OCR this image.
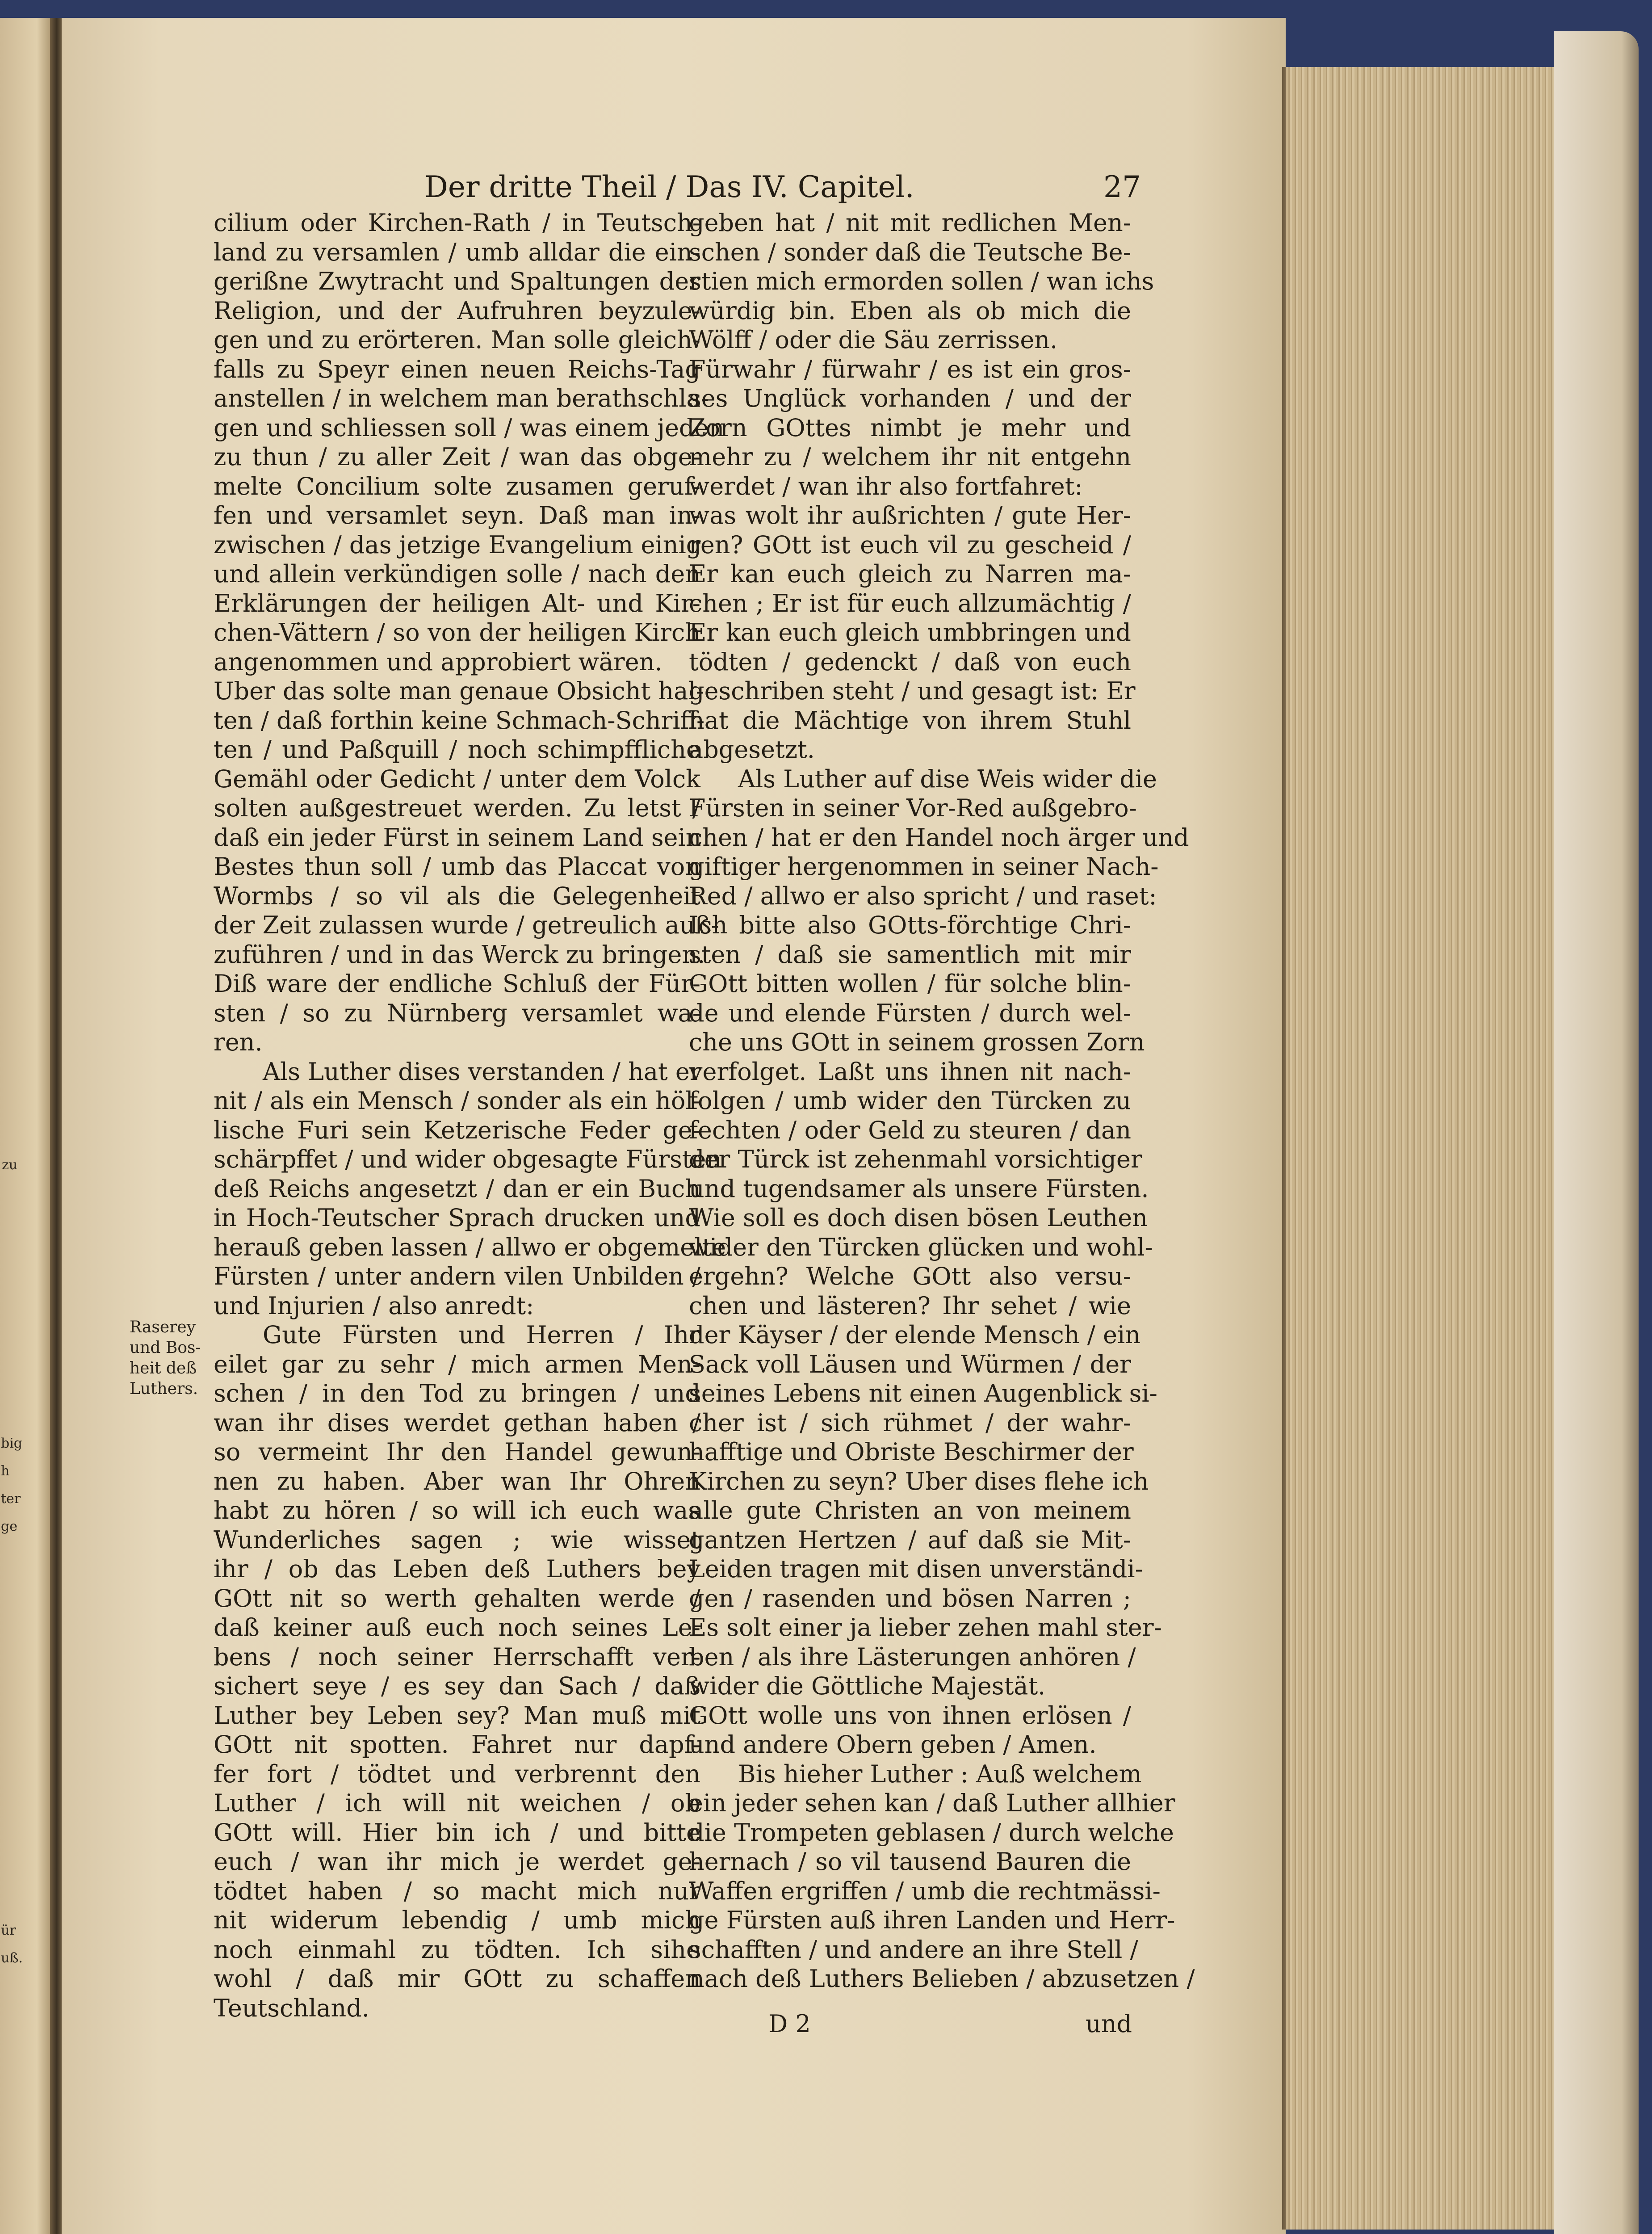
zu
big
h
ter
ge
ür
uß.
Der dritte Theil / Das IV. Capitel.	27
Raserey
und Bos-
heit deß
Luthers.
cilium oder Kirchen-Rath / in Teutsch-
land zu versamlen / umb alldar die ein-
gerißne Zwytracht und Spaltungen der
Religion, und der Aufruhren beyzule-
gen und zu erörteren. Man solle gleich-
falls zu Speyr einen neuen Reichs-Tag
anstellen / in welchem man berathschla-
gen und schliessen soll / was einem jeden
zu thun / zu aller Zeit / wan das obge-
melte Concilium solte zusamen geruf-
fen und versamlet seyn. Daß man in-
zwischen / das jetzige Evangelium einig
und allein verkündigen solle / nach den
Erklärungen der heiligen Alt- und Kir-
chen-Vättern / so von der heiligen Kirch
angenommen und approbiert wären.
Uber das solte man genaue Obsicht hal-
ten / daß forthin keine Schmach-Schriff-
ten / und Paßquill / noch schimpffliche
Gemähl oder Gedicht / unter dem Volck
solten außgestreuet werden. Zu letst /
daß ein jeder Fürst in seinem Land sein
Bestes thun soll / umb das Placcat von
Wormbs / so vil als die Gelegenheit
der Zeit zulassen wurde / getreulich auß-
zuführen / und in das Werck zu bringen.
Diß ware der endliche Schluß der Für-
sten / so zu Nürnberg versamlet wa-
ren.
Als Luther dises verstanden / hat er
nit / als ein Mensch / sonder als ein höl-
lische Furi sein Ketzerische Feder ge-
schärpffet / und wider obgesagte Fürsten
deß Reichs angesetzt / dan er ein Buch
in Hoch-Teutscher Sprach drucken und
herauß geben lassen / allwo er obgemelte
Fürsten / unter andern vilen Unbilden /
und Injurien / also anredt:
Gute Fürsten und Herren / Ihr
eilet gar zu sehr / mich armen Men-
schen / in den Tod zu bringen / und
wan ihr dises werdet gethan haben /
so vermeint Ihr den Handel gewun-
nen zu haben. Aber wan Ihr Ohren
habt zu hören / so will ich euch was
Wunderliches sagen ; wie wisset
ihr / ob das Leben deß Luthers bey
GOtt nit so werth gehalten werde /
daß keiner auß euch noch seines Le-
bens / noch seiner Herrschafft ver-
sichert seye / es sey dan Sach / daß
Luther bey Leben sey? Man muß mit
GOtt nit spotten. Fahret nur dapf-
fer fort / tödtet und verbrennt den
Luther / ich will nit weichen / ob
GOtt will. Hier bin ich / und bitte
euch / wan ihr mich je werdet ge-
tödtet haben / so macht mich nur
nit widerum lebendig / umb mich
noch einmahl zu tödten. Ich sihe
wohl / daß mir GOtt zu schaffen
Teutschland.
geben hat / nit mit redlichen Men-
schen / sonder daß die Teutsche Be-
stien mich ermorden sollen / wan ichs
würdig bin. Eben als ob mich die
Wölff / oder die Säu zerrissen.
Fürwahr / fürwahr / es ist ein gros-
ses Unglück vorhanden / und der
Zorn GOttes nimbt je mehr und
mehr zu / welchem ihr nit entgehn
werdet / wan ihr also fortfahret:
was wolt ihr außrichten / gute Her-
ren? GOtt ist euch vil zu gescheid /
Er kan euch gleich zu Narren ma-
chen ; Er ist für euch allzumächtig /
Er kan euch gleich umbbringen und
tödten / gedenckt / daß von euch
geschriben steht / und gesagt ist: Er
hat die Mächtige von ihrem Stuhl
abgesetzt.
Als Luther auf dise Weis wider die
Fürsten in seiner Vor-Red außgebro-
chen / hat er den Handel noch ärger und
giftiger hergenommen in seiner Nach-
Red / allwo er also spricht / und raset:
Ich bitte also GOtts-förchtige Chri-
sten / daß sie samentlich mit mir
GOtt bitten wollen / für solche blin-
de und elende Fürsten / durch wel-
che uns GOtt in seinem grossen Zorn
verfolget. Laßt uns ihnen nit nach-
folgen / umb wider den Türcken zu
fechten / oder Geld zu steuren / dan
der Türck ist zehenmahl vorsichtiger
und tugendsamer als unsere Fürsten.
Wie soll es doch disen bösen Leuthen
wider den Türcken glücken und wohl-
ergehn? Welche GOtt also versu-
chen und lästeren? Ihr sehet / wie
der Käyser / der elende Mensch / ein
Sack voll Läusen und Würmen / der
seines Lebens nit einen Augenblick si-
cher ist / sich rühmet / der wahr-
hafftige und Obriste Beschirmer der
Kirchen zu seyn? Uber dises flehe ich
alle gute Christen an von meinem
gantzen Hertzen / auf daß sie Mit-
Leiden tragen mit disen unverständi-
gen / rasenden und bösen Narren ;
Es solt einer ja lieber zehen mahl ster-
ben / als ihre Lästerungen anhören /
wider die Göttliche Majestät.
GOtt wolle uns von ihnen erlösen /
und andere Obern geben / Amen.
Bis hieher Luther : Auß welchem
ein jeder sehen kan / daß Luther allhier
die Trompeten geblasen / durch welche
hernach / so vil tausend Bauren die
Waffen ergriffen / umb die rechtmässi-
ge Fürsten auß ihren Landen und Herr-
schafften / und andere an ihre Stell /
nach deß Luthers Belieben / abzusetzen /
D 2	und
